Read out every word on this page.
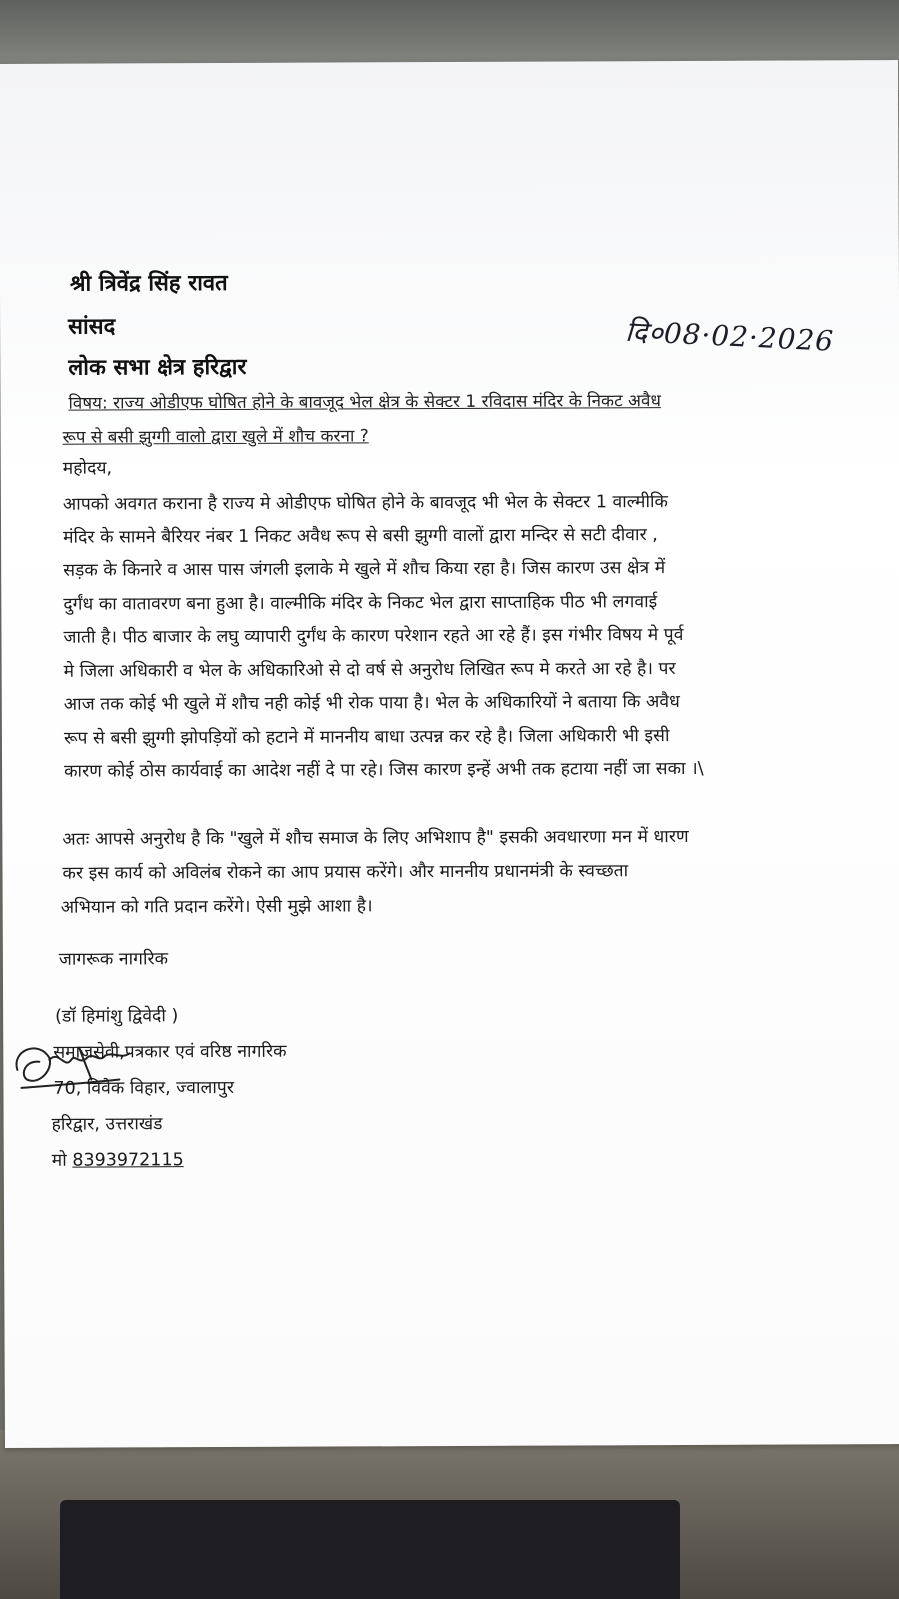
दि०08·02·2026
श्री त्रिवेंद्र सिंह रावत
सांसद
लोक सभा क्षेत्र हरिद्वार
विषय: राज्य ओडीएफ घोषित होने के बावजूद भेल क्षेत्र के सेक्टर 1 रविदास मंदिर के निकट अवैध
रूप से बसी झुग्गी वालो द्वारा खुले में शौच करना ?
महोदय,
आपको अवगत कराना है राज्य मे ओडीएफ घोषित होने के बावजूद भी भेल के सेक्टर 1 वाल्मीकि
मंदिर के सामने बैरियर नंबर 1 निकट अवैध रूप से बसी झुग्गी वालों द्वारा मन्दिर से सटी दीवार ,
सड़क के किनारे व आस पास जंगली इलाके मे खुले में शौच किया रहा है। जिस कारण उस क्षेत्र में
दुर्गंध का वातावरण बना हुआ है। वाल्मीकि मंदिर के निकट भेल द्वारा साप्ताहिक पीठ भी लगवाई
जाती है। पीठ बाजार के लघु व्यापारी दुर्गंध के कारण परेशान रहते आ रहे हैं। इस गंभीर विषय मे पूर्व
मे जिला अधिकारी व भेल के अधिकारिओ से दो वर्ष से अनुरोध लिखित रूप मे करते आ रहे है। पर
आज तक कोई भी खुले में शौच नही कोई भी रोक पाया है। भेल के अधिकारियों ने बताया कि अवैध
रूप से बसी झुग्गी झोपड़ियों को हटाने में माननीय बाधा उत्पन्न कर रहे है। जिला अधिकारी भी इसी
कारण कोई ठोस कार्यवाई का आदेश नहीं दे पा रहे। जिस कारण इन्हें अभी तक हटाया नहीं जा सका ।\
अतः आपसे अनुरोध है कि "खुले में शौच समाज के लिए अभिशाप है" इसकी अवधारणा मन में धारण
कर इस कार्य को अविलंब रोकने का आप प्रयास करेंगे। और माननीय प्रधानमंत्री के स्वच्छता
अभियान को गति प्रदान करेंगे। ऐसी मुझे आशा है।
जागरूक नागरिक
(डॉ हिमांशु द्विवेदी )
समाजसेवी,पत्रकार एवं वरिष्ठ नागरिक
70, विवेक विहार, ज्वालापुर
हरिद्वार, उत्तराखंड
मो 8393972115
